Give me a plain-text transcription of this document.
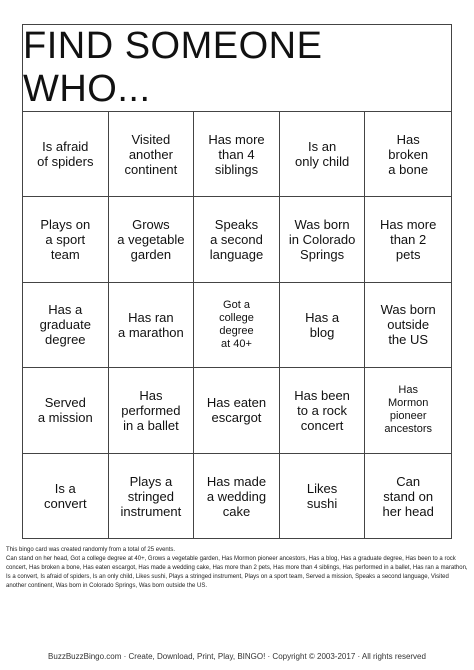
FIND SOMEONE WHO...
Is afraid
of spiders
Visited
another
continent
Has more
than 4
siblings
Is an
only child
Has
broken
a bone
Plays on
a sport
team
Grows
a vegetable
garden
Speaks
a second
language
Was born
in Colorado
Springs
Has more
than 2
pets
Has a
graduate
degree
Has ran
a marathon
Got a
college
degree
at 40+
Has a
blog
Was born
outside
the US
Served
a mission
Has
performed
in a ballet
Has eaten
escargot
Has been
to a rock
concert
Has
Mormon
pioneer
ancestors
Is a
convert
Plays a
stringed
instrument
Has made
a wedding
cake
Likes
sushi
Can
stand on
her head

This bingo card was created randomly from a total of 25 events.

Can stand on her head, Got a college degree at 40+, Grows a vegetable garden, Has Mormon pioneer ancestors, Has a blog, Has a graduate degree, Has been to a rock concert, Has broken a bone, Has eaten escargot, Has made a wedding cake, Has more than 2 pets, Has more than 4 siblings, Has performed in a ballet, Has ran a marathon, Is a convert, Is afraid of spiders, Is an only child, Likes sushi, Plays a stringed instrument, Plays on a sport team, Served a mission, Speaks a second language, Visited another continent, Was born in Colorado Springs, Was born outside the US.

BuzzBuzzBingo.com · Create, Download, Print, Play, BINGO! · Copyright © 2003-2017 · All rights reserved
